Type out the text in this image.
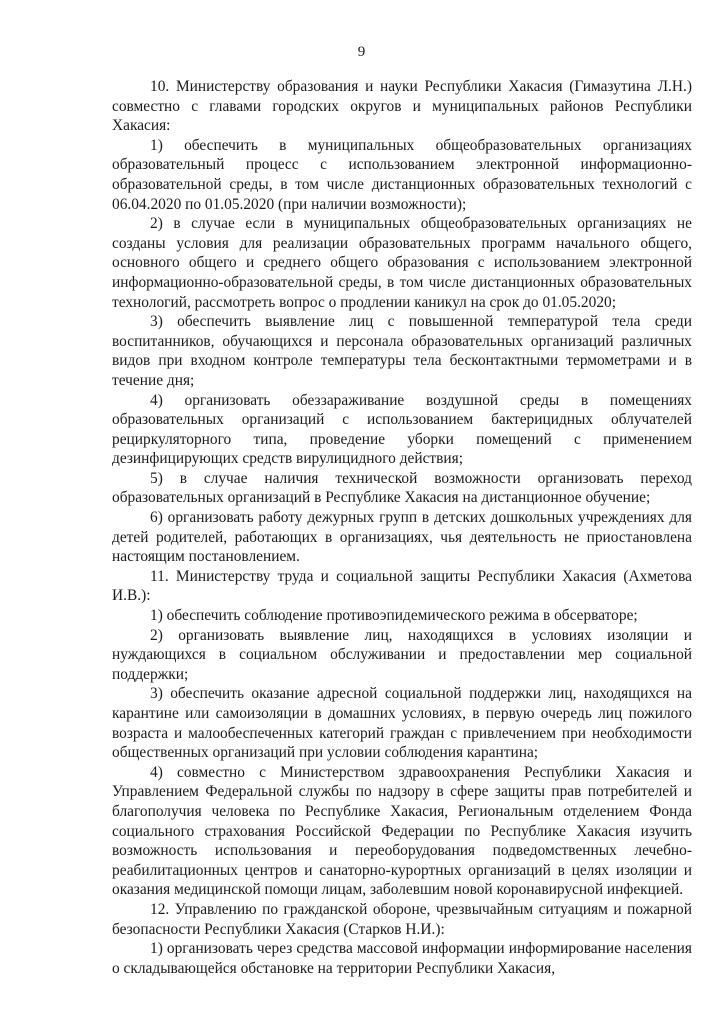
9

10. Министерству образования и науки Республики Хакасия (Гимазутина Л.Н.) совместно с главами городских округов и муниципальных районов Республики Хакасия:

1) обеспечить в муниципальных общеобразовательных организациях образовательный процесс с использованием электронной информационно-образовательной среды, в том числе дистанционных образовательных технологий с 06.04.2020 по 01.05.2020 (при наличии возможности);

2) в случае если в муниципальных общеобразовательных организациях не созданы условия для реализации образовательных программ начального общего, основного общего и среднего общего образования с использованием электронной информационно-образовательной среды, в том числе дистанционных образовательных технологий, рассмотреть вопрос о продлении каникул на срок до 01.05.2020;

3) обеспечить выявление лиц с повышенной температурой тела среди воспитанников, обучающихся и персонала образовательных организаций различных видов при входном контроле температуры тела бесконтактными термометрами и в течение дня;

4) организовать обеззараживание воздушной среды в помещениях образовательных организаций с использованием бактерицидных облучателей рециркуляторного типа, проведение уборки помещений с применением дезинфицирующих средств вирулицидного действия;

5) в случае наличия технической возможности организовать переход образовательных организаций в Республике Хакасия на дистанционное обучение;

6) организовать работу дежурных групп в детских дошкольных учреждениях для детей родителей, работающих в организациях, чья деятельность не приостановлена настоящим постановлением.

11. Министерству труда и социальной защиты Республики Хакасия (Ахметова И.В.):

1) обеспечить соблюдение противоэпидемического режима в обсерваторе;

2) организовать выявление лиц, находящихся в условиях изоляции и нуждающихся в социальном обслуживании и предоставлении мер социальной поддержки;

3) обеспечить оказание адресной социальной поддержки лиц, находящихся на карантине или самоизоляции в домашних условиях, в первую очередь лиц пожилого возраста и малообеспеченных категорий граждан с привлечением при необходимости общественных организаций при условии соблюдения карантина;

4) совместно с Министерством здравоохранения Республики Хакасия и Управлением Федеральной службы по надзору в сфере защиты прав потребителей и благополучия человека по Республике Хакасия, Региональным отделением Фонда социального страхования Российской Федерации по Республике Хакасия изучить возможность использования и переоборудования подведомственных лечебно-реабилитационных центров и санаторно-курортных организаций в целях изоляции и оказания медицинской помощи лицам, заболевшим новой коронавирусной инфекцией.

12. Управлению по гражданской обороне, чрезвычайным ситуациям и пожарной безопасности Республики Хакасия (Старков Н.И.):

1) организовать через средства массовой информации информирование населения о складывающейся обстановке на территории Республики Хакасия,
